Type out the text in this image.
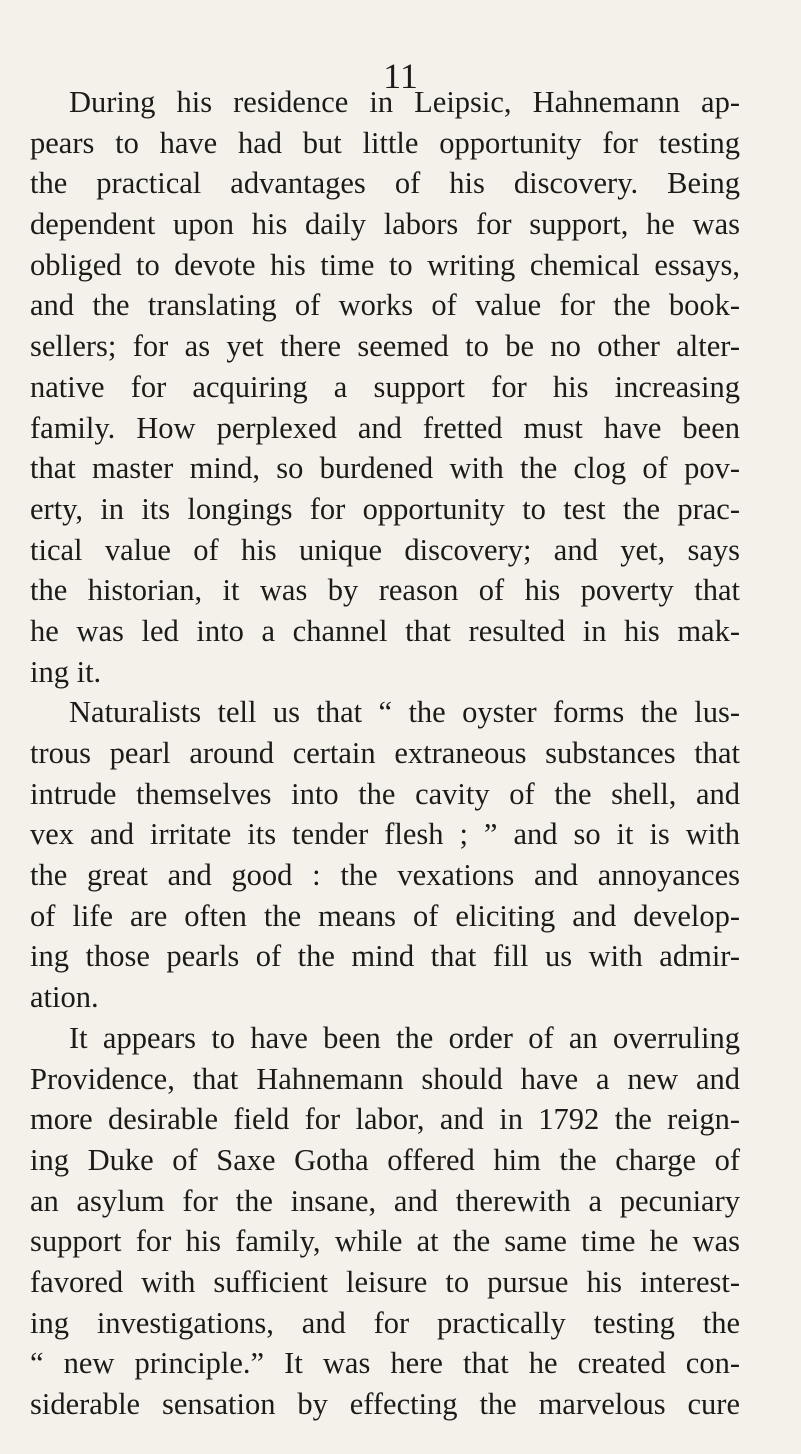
11
During his residence in Leipsic, Hahnemann ap-
pears to have had but little opportunity for testing
the practical advantages of his discovery. Being
dependent upon his daily labors for support, he was
obliged to devote his time to writing chemical essays,
and the translating of works of value for the book-
sellers; for as yet there seemed to be no other alter-
native for acquiring a support for his increasing
family. How perplexed and fretted must have been
that master mind, so burdened with the clog of pov-
erty, in its longings for opportunity to test the prac-
tical value of his unique discovery; and yet, says
the historian, it was by reason of his poverty that
he was led into a channel that resulted in his mak-
ing it.
Naturalists tell us that “ the oyster forms the lus-
trous pearl around certain extraneous substances that
intrude themselves into the cavity of the shell, and
vex and irritate its tender flesh ; ” and so it is with
the great and good : the vexations and annoyances
of life are often the means of eliciting and develop-
ing those pearls of the mind that fill us with admir-
ation.
It appears to have been the order of an overruling
Providence, that Hahnemann should have a new and
more desirable field for labor, and in 1792 the reign-
ing Duke of Saxe Gotha offered him the charge of
an asylum for the insane, and therewith a pecuniary
support for his family, while at the same time he was
favored with sufficient leisure to pursue his interest-
ing investigations, and for practically testing the
“ new principle.” It was here that he created con-
siderable sensation by effecting the marvelous cure
